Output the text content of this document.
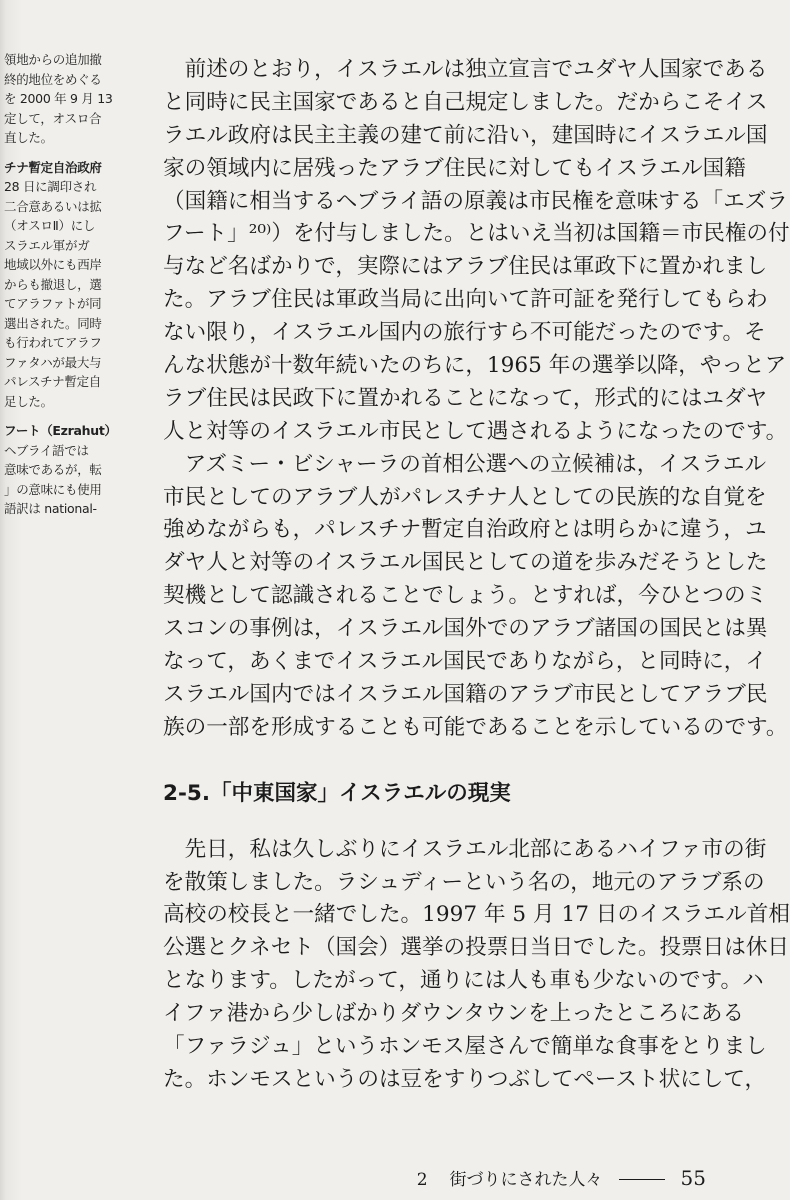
領地からの追加撤
終的地位をめぐる
を 2000 年 9 月 13
定して，オスロ合
直した。
チナ暫定自治政府
28 日に調印され
二合意あるいは拡
（オスロⅡ）にし
スラエル軍がガ
地域以外にも西岸
からも撤退し，選
てアラファトが同
選出された。同時
も行われてアラフ
ファタハが最大与
パレスチナ暫定自
足した。
フート（Ezrahut）
ヘブライ語では
意味であるが，転
」の意味にも使用
語訳は national-
前述のとおり，イスラエルは独立宣言でユダヤ人国家である
と同時に民主国家であると自己規定しました。だからこそイス
ラエル政府は民主主義の建て前に沿い，建国時にイスラエル国
家の領域内に居残ったアラブ住民に対してもイスラエル国籍
（国籍に相当するヘブライ語の原義は市民権を意味する「エズラ
フート」²⁰⁾）を付与しました。とはいえ当初は国籍＝市民権の付
与など名ばかりで，実際にはアラブ住民は軍政下に置かれまし
た。アラブ住民は軍政当局に出向いて許可証を発行してもらわ
ない限り，イスラエル国内の旅行すら不可能だったのです。そ
んな状態が十数年続いたのちに，1965 年の選挙以降，やっとア
ラブ住民は民政下に置かれることになって，形式的にはユダヤ
人と対等のイスラエル市民として遇されるようになったのです。
アズミー・ビシャーラの首相公選への立候補は，イスラエル
市民としてのアラブ人がパレスチナ人としての民族的な自覚を
強めながらも，パレスチナ暫定自治政府とは明らかに違う，ユ
ダヤ人と対等のイスラエル国民としての道を歩みだそうとした
契機として認識されることでしょう。とすれば，今ひとつのミ
スコンの事例は，イスラエル国外でのアラブ諸国の国民とは異
なって，あくまでイスラエル国民でありながら，と同時に，イ
スラエル国内ではイスラエル国籍のアラブ市民としてアラブ民
族の一部を形成することも可能であることを示しているのです。
2-5.「中東国家」イスラエルの現実
先日，私は久しぶりにイスラエル北部にあるハイファ市の街
を散策しました。ラシュディーという名の，地元のアラブ系の
高校の校長と一緒でした。1997 年 5 月 17 日のイスラエル首相
公選とクネセト（国会）選挙の投票日当日でした。投票日は休日
となります。したがって，通りには人も車も少ないのです。ハ
イファ港から少しばかりダウンタウンを上ったところにある
「ファラジュ」というホンモス屋さんで簡単な食事をとりまし
た。ホンモスというのは豆をすりつぶしてペースト状にして，
2 街づりにされた人々	55
